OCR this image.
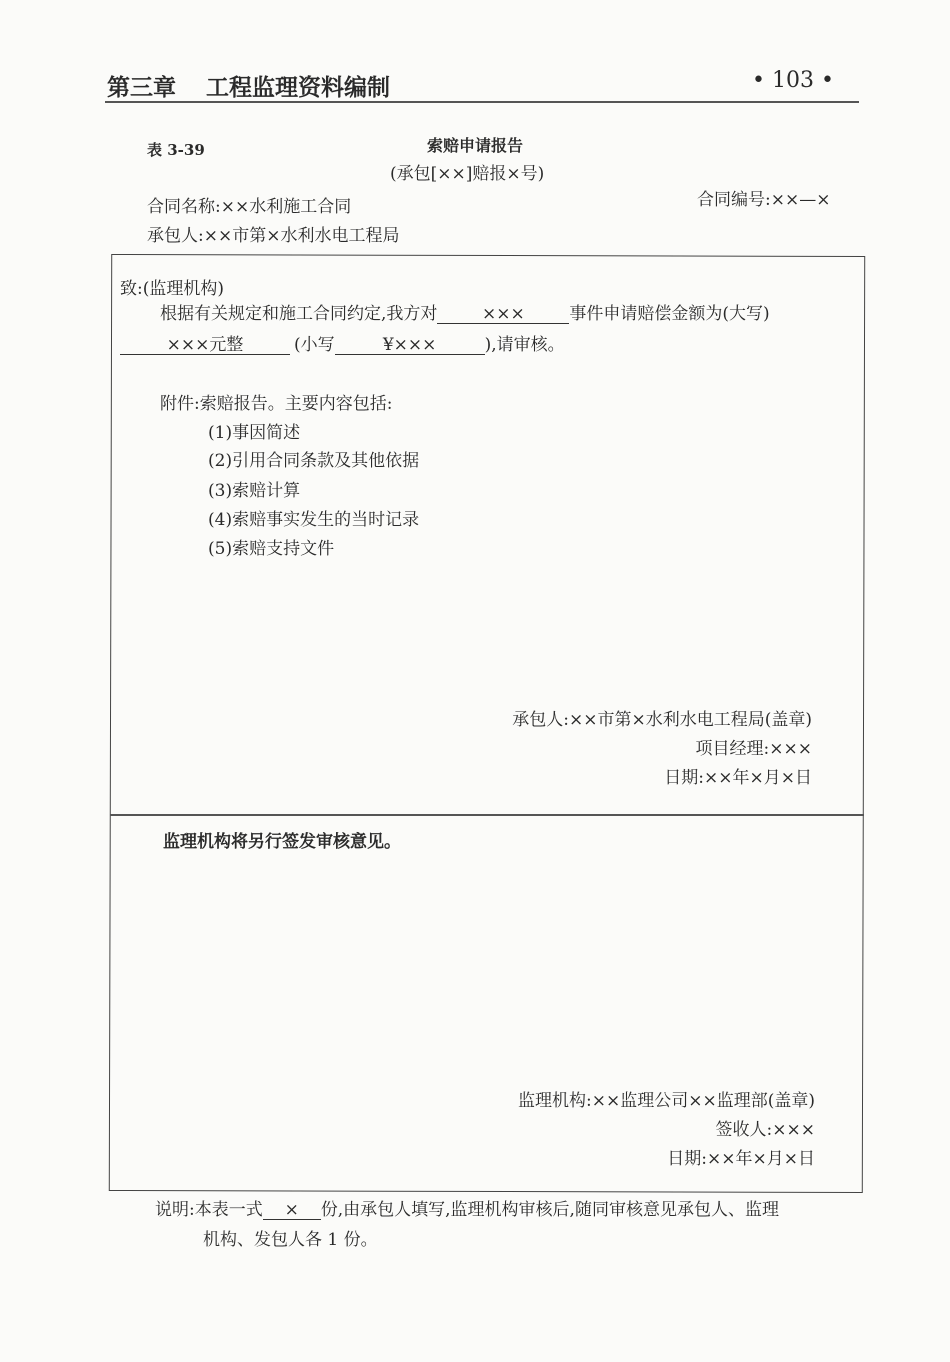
第三章 工程监理资料编制	• 103 •
表 3-39	索赔申请报告
(承包[××]赔报×号)
合同名称:××水利施工合同	合同编号:××—×
承包人:××市第×水利水电工程局
致:(监理机构)
根据有关规定和施工合同约定,我方对	×××	事件申请赔偿金额为(大写)
×××元整	(小写	¥×××	),请审核。
附件:索赔报告。主要内容包括:
(1)事因简述
(2)引用合同条款及其他依据
(3)索赔计算
(4)索赔事实发生的当时记录
(5)索赔支持文件
承包人:××市第×水利水电工程局(盖章)
项目经理:×××
日期:××年×月×日
监理机构将另行签发审核意见。
监理机构:××监理公司××监理部(盖章)
签收人:×××
日期:××年×月×日
说明:本表一式 × 份,由承包人填写,监理机构审核后,随同审核意见承包人、监理
机构、发包人各 1 份。
